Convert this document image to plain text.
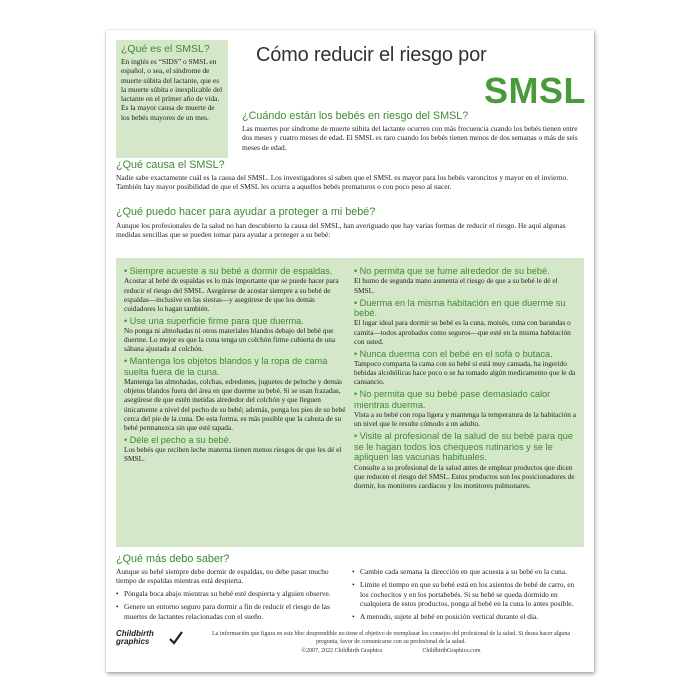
¿Qué es el SMSL?

En inglés es “SIDS” o SMSL en español, o sea, el síndrome de muerte súbita del lactante, que es la muerte súbita e inexplicable del lactante en el primer año de vida. Es la mayor causa de muerte de los bebés mayores de un mes.

Cómo reducir el riesgo por
SMSL
¿Cuándo están los bebés en riesgo del SMSL?
Las muertes por síndrome de muerte súbita del lactante ocurren con más frecuencia cuando los bebés tienen entre dos meses y cuatro meses de edad. El SMSL es raro cuando los bebés tienen menos de dos semanas o más de seis meses de edad.
¿Qué causa el SMSL?
Nadie sabe exactamente cuál es la causa del SMSL. Los investigadores sí saben que el SMSL es mayor para los bebés varoncitos y mayor en el invierno. También hay mayor posibilidad de que el SMSL les ocurra a aquellos bebés prematuros o con poco peso al nacer.
¿Qué puedo hacer para ayudar a proteger a mi bebé?
Aunque los profesionales de la salud no han descubierto la causa del SMSL, han averiguado que hay varias formas de reducir el riesgo. He aquí algunas medidas sencillas que se pueden tomar para ayudar a proteger a su bebé:
• Siempre acueste a su bebé a dormir de espaldas.
Acostar al bebé de espaldas es lo más importante que se puede hacer para reducir el riesgo del SMSL. Asegúrese de acostar siempre a su bebé de espaldas—inclusive en las siestas—y asegúrese de que los demás cuidadores lo hagan también.
• Use una superficie firme para que duerma.
No ponga ni almohadas ni otros materiales blandos debajo del bebé que duerme. Lo mejor es que la cuna tenga un colchón firme cubierta de una sábana ajustada al colchón.
• Mantenga los objetos blandos y la ropa de cama suelta fuera de la cuna.
Mantenga las almohadas, colchas, edredones, juguetes de peluche y demás objetos blandos fuera del área en que duerme su bebé. Si se usan frazadas, asegúrese de que estén metidas alrededor del colchón y que lleguen únicamente a nivel del pecho de su bebé; además, ponga los pies de su bebé cerca del pie de la cuna. De esta forma, es más posible que la cabeza de su bebé permanezca sin que esté tapada.
• Déle el pecho a su bebé.
Los bebés que reciben leche materna tienen menos riesgos de que les dé el SMSL.
• No permita que se fume alrededor de su bebé.
El humo de segunda mano aumenta el riesgo de que a su bebé le dé el SMSL.
• Duerma en la misma habitación en que duerme su bebé.
El lugar ideal para dormir su bebé es la cuna, moisés, cuna con barandas o camita—todos aprobados como seguros—que esté en la misma habitación con usted.
• Nunca duerma con el bebé en el sofá o butaca.
Tampoco comparta la cama con su bebé si está muy cansada, ha ingerido bebidas alcohólicas hace poco o se ha tomado algún medicamento que le da cansancio.
• No permita que su bebé pase demasiado calor mientras duerma.
Vista a su bebé con ropa ligera y mantenga la temperatura de la habitación a un nivel que le resulte cómodo a un adulto.
• Visite al profesional de la salud de su bebé para que se le hagan todos los chequeos rutinarios y se le apliquen las vacunas habituales.
Consulte a su profesional de la salud antes de emplear productos que dicen que reducen el riesgo del SMSL. Estos productos son los posicionadores de dormir, los monitores cardíacos y los monitores pulmonares.
¿Qué más debo saber?
Aunque su bebé siempre debe dormir de espaldas, no debe pasar mucho tiempo de espaldas mientras está despierta.
• Póngala boca abajo mientras su bebé esté despierta y alguien observe.
• Genere un entorno seguro para dormir a fin de reducir el riesgo de las muertes de lactantes relacionadas con el sueño.
• Cambie cada semana la dirección en que acuesta a su bebé en la cuna.
• Limite el tiempo en que su bebé está en los asientos de bebé de carro, en los cochecitos y en los portabebés. Si su bebé se queda dormido en cualquiera de estos productos, ponga al bebé en la cuna lo antes posible.
• A menudo, sujete al bebé en posición vertical durante el día.
Childbirth
graphics
La información que figura en este bloc desprendible no tiene el objetivo de reemplazar los consejos del profesional de la salud. Si desea hacer alguna pregunta, favor de comunicarse con su profesional de la salud.
©2007, 2022 Childbirth Graphics	ChildbirthGraphics.com
